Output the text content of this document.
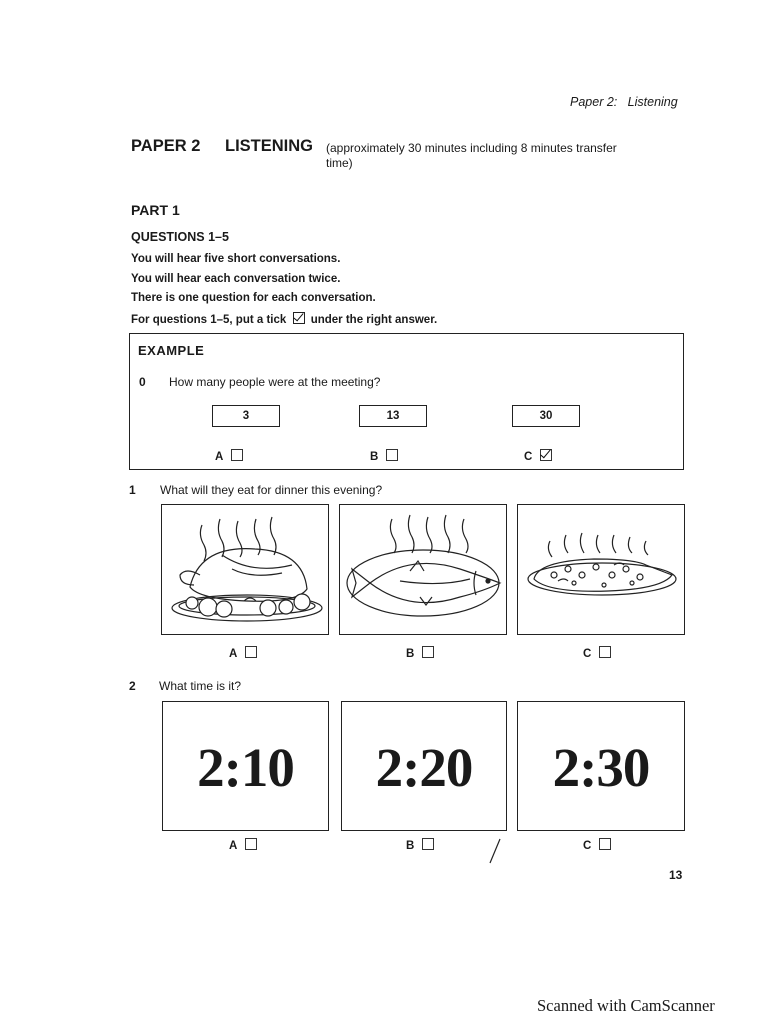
Paper 2:   Listening
PAPER 2 LISTENING (approximately 30 minutes including 8 minutes transfer time)
PART 1
QUESTIONS 1–5
You will hear five short conversations.
You will hear each conversation twice.
There is one question for each conversation.
For questions 1–5, put a tick under the right answer.
EXAMPLE
0 How many people were at the meeting?
3	13	30
A	B	C
1 What will they eat for dinner this evening?
A	B	C
2 What time is it?
2:10	2:20	2:30
A	B	C
13
Scanned with CamScanner
